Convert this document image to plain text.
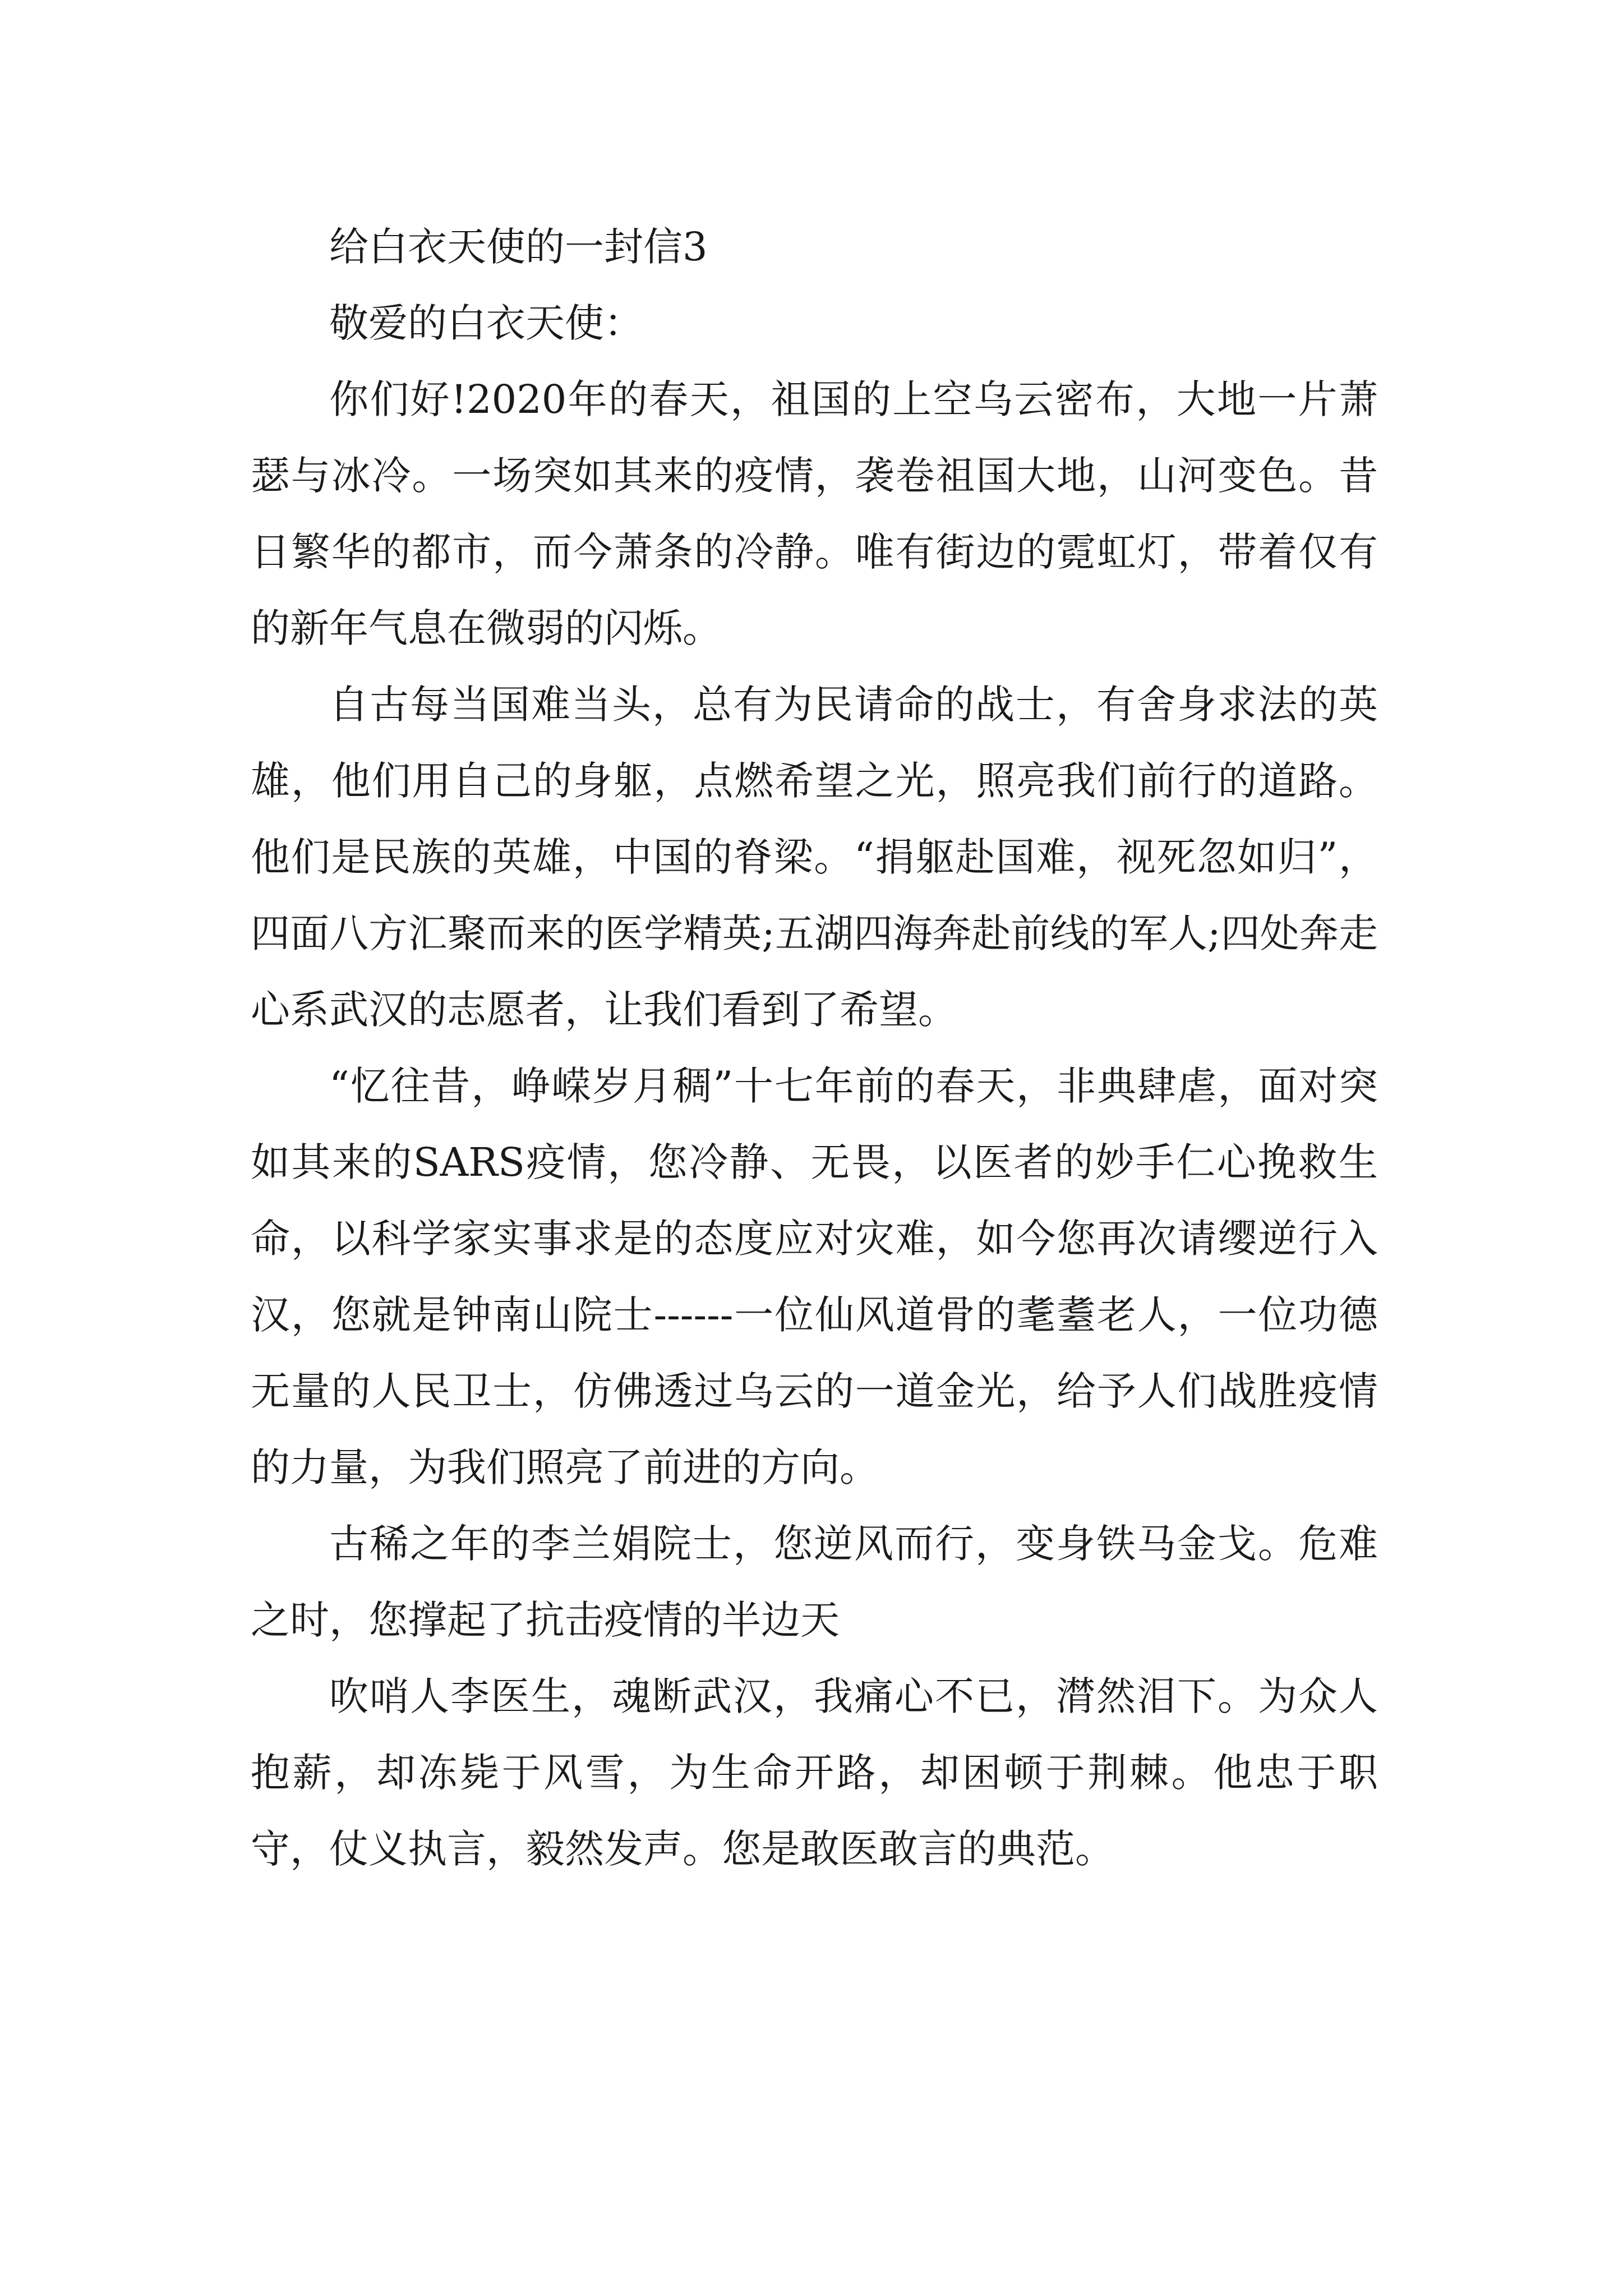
给白衣天使的一封信3

敬爱的白衣天使：

你们好!2020年的春天，祖国的上空乌云密布，大地一片萧瑟与冰冷。一场突如其来的疫情，袭卷祖国大地，山河变色。昔日繁华的都市，而今萧条的冷静。唯有街边的霓虹灯，带着仅有的新年气息在微弱的闪烁。

自古每当国难当头，总有为民请命的战士，有舍身求法的英雄，他们用自己的身躯，点燃希望之光，照亮我们前行的道路。他们是民族的英雄，中国的脊梁。“捐躯赴国难，视死忽如归”，四面八方汇聚而来的医学精英;五湖四海奔赴前线的军人;四处奔走心系武汉的志愿者，让我们看到了希望。

“忆往昔，峥嵘岁月稠”十七年前的春天，非典肆虐，面对突如其来的SARS疫情，您冷静、无畏，以医者的妙手仁心挽救生命，以科学家实事求是的态度应对灾难，如今您再次请缨逆行入汉，您就是钟南山院士------一位仙风道骨的耄耋老人，一位功德无量的人民卫士，仿佛透过乌云的一道金光，给予人们战胜疫情的力量，为我们照亮了前进的方向。

古稀之年的李兰娟院士，您逆风而行，变身铁马金戈。危难之时，您撑起了抗击疫情的半边天

吹哨人李医生，魂断武汉，我痛心不已，潸然泪下。为众人抱薪，却冻毙于风雪，为生命开路，却困顿于荆棘。他忠于职守，仗义执言，毅然发声。您是敢医敢言的典范。
